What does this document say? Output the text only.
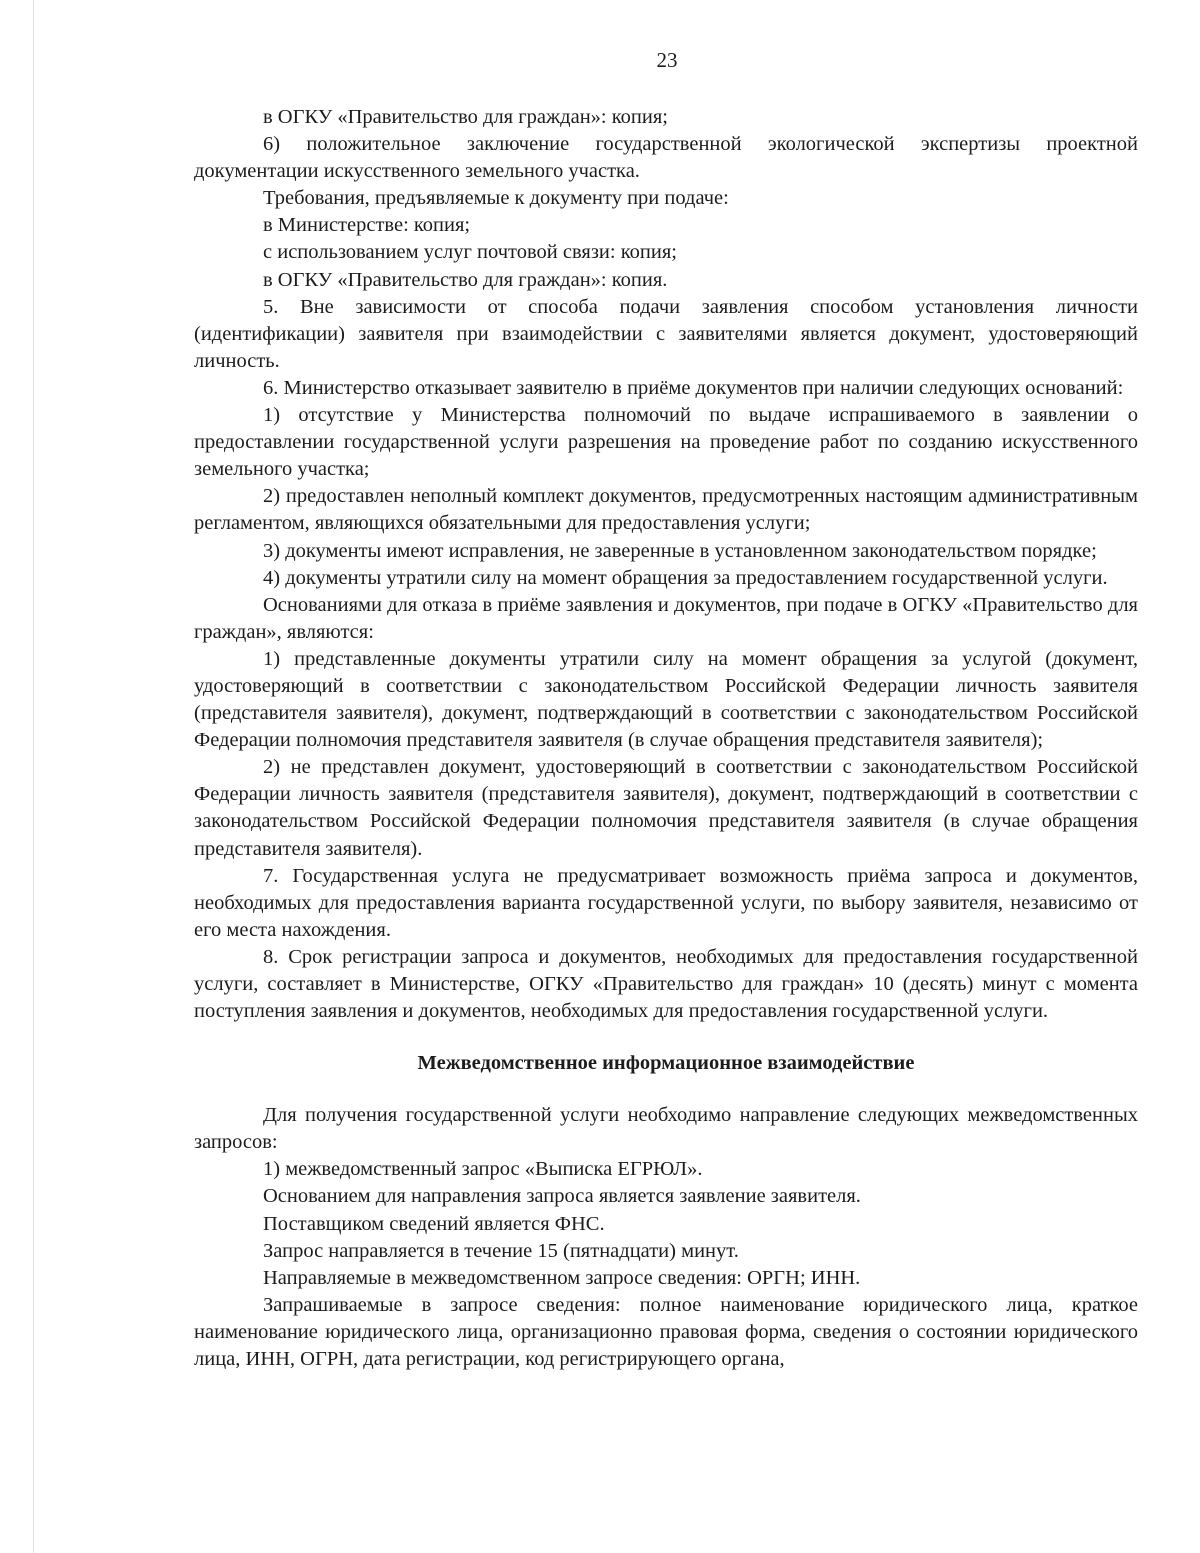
23

в ОГКУ «Правительство для граждан»: копия;

6) положительное заключение государственной экологической экспертизы проектной документации искусственного земельного участка.

Требования, предъявляемые к документу при подаче:

в Министерстве: копия;

с использованием услуг почтовой связи: копия;

в ОГКУ «Правительство для граждан»: копия.

5. Вне зависимости от способа подачи заявления способом установления личности (идентификации) заявителя при взаимодействии с заявителями является документ, удостоверяющий личность.

6. Министерство отказывает заявителю в приёме документов при наличии следующих оснований:

1) отсутствие у Министерства полномочий по выдаче испрашиваемого в заявлении о предоставлении государственной услуги разрешения на проведение работ по созданию искусственного земельного участка;

2) предоставлен неполный комплект документов, предусмотренных настоящим административным регламентом, являющихся обязательными для предоставления услуги;

3) документы имеют исправления, не заверенные в установленном законодательством порядке;

4) документы утратили силу на момент обращения за предоставлением государственной услуги.

Основаниями для отказа в приёме заявления и документов, при подаче в ОГКУ «Правительство для граждан», являются:

1) представленные документы утратили силу на момент обращения за услугой (документ, удостоверяющий в соответствии с законодательством Российской Федерации личность заявителя (представителя заявителя), документ, подтверждающий в соответствии с законодательством Российской Федерации полномочия представителя заявителя (в случае обращения представителя заявителя);

2) не представлен документ, удостоверяющий в соответствии с законодательством Российской Федерации личность заявителя (представителя заявителя), документ, подтверждающий в соответствии с законодательством Российской Федерации полномочия представителя заявителя (в случае обращения представителя заявителя).

7. Государственная услуга не предусматривает возможность приёма запроса и документов, необходимых для предоставления варианта государственной услуги, по выбору заявителя, независимо от его места нахождения.

8. Срок регистрации запроса и документов, необходимых для предоставления государственной услуги, составляет в Министерстве, ОГКУ «Правительство для граждан» 10 (десять) минут с момента поступления заявления и документов, необходимых для предоставления государственной услуги.

Межведомственное информационное взаимодействие

Для получения государственной услуги необходимо направление следующих межведомственных запросов:

1) межведомственный запрос «Выписка ЕГРЮЛ».

Основанием для направления запроса является заявление заявителя.

Поставщиком сведений является ФНС.

Запрос направляется в течение 15 (пятнадцати) минут.

Направляемые в межведомственном запросе сведения: ОРГН; ИНН.

Запрашиваемые в запросе сведения: полное наименование юридического лица, краткое наименование юридического лица, организационно правовая форма, сведения о состоянии юридического лица, ИНН, ОГРН, дата регистрации, код регистрирующего органа,
